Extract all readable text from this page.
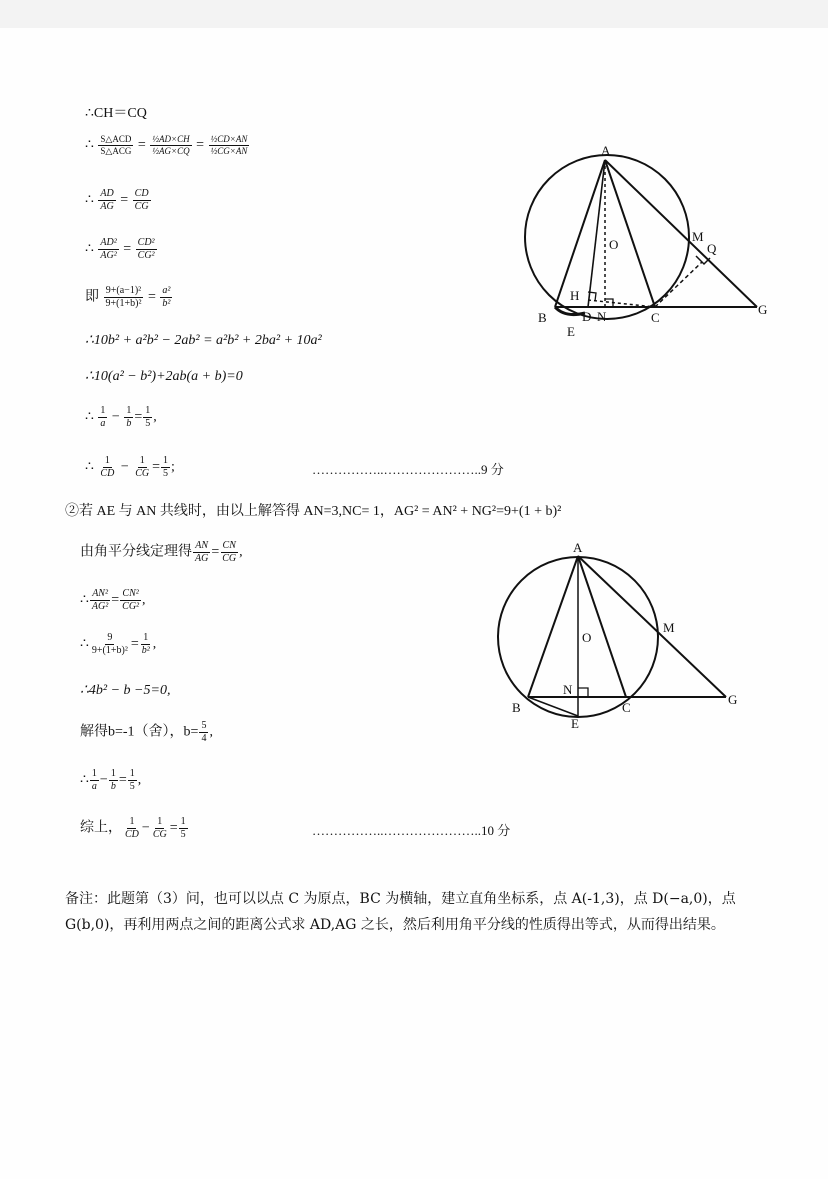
∴CH＝CQ
∴ $\frac{\text{S△ACD}}{\text{S△ACG}} = \frac{\text{½AD×CH}}{\text{½AG×CQ}} = \frac{\text{½CD×AN}}{\text{½CG×AN}}$
∴ $\frac{AD}{AG} = \frac{CD}{CG}$
∴ $\frac{\text{AD²}}{\text{AG²}} = \frac{\text{CD²}}{\text{CG²}}$
即 $\frac{\text{9+(a−1)²}}{\text{9+(1+b)²}} = \frac{\text{a²}}{\text{b²}}$
∴10b² + a²b² − 2ab² = a²b² + 2ba² + 10a²
∴10(a² − b²)+2ab(a + b)=0
∴ $\frac{1}{a} - \frac{1}{b} = \frac{1}{5}$ ,
∴ $\frac{1}{CD} - \frac{1}{CG} = \frac{1}{5}$ ;	……………..…………………..9 分
A
O
M
Q
H
B	D N	C
G
E
②若 AE 与 AN 共线时，由以上解答得 AN=3,NC= 1，AG² = AN² + NG²=9+(1 + b)²
由角平分线定理得 $\frac{AN}{AG} = \frac{CN}{CG}$ ,
∴ $\frac{\text{AN²}}{\text{AG²}} = \frac{\text{CN²}}{\text{CG²}}$ ,
∴ $\frac{9}{\text{9+(1+b)²}} = \frac{1}{\text{b²}}$ ,
∴4b² − b −5=0,
解得b=-1（舍），$b= \frac{5}{4}$ ,
∴ $\frac{1}{a} - \frac{1}{b} = \frac{1}{5}$ ,
综上， $\frac{1}{CD} - \frac{1}{CG} = \frac{1}{5}$	……………..…………………..10 分
A
O
M
N
B
E
C
G
备注：此题第（3）问，也可以以点 C 为原点，BC 为横轴，建立直角坐标系，点 A(-1,3)，点 D(−a,0)，点 G(b,0)，再利用两点之间的距离公式求 AD,AG 之长，然后利用角平分线的性质得出等式，从而得出结果。
